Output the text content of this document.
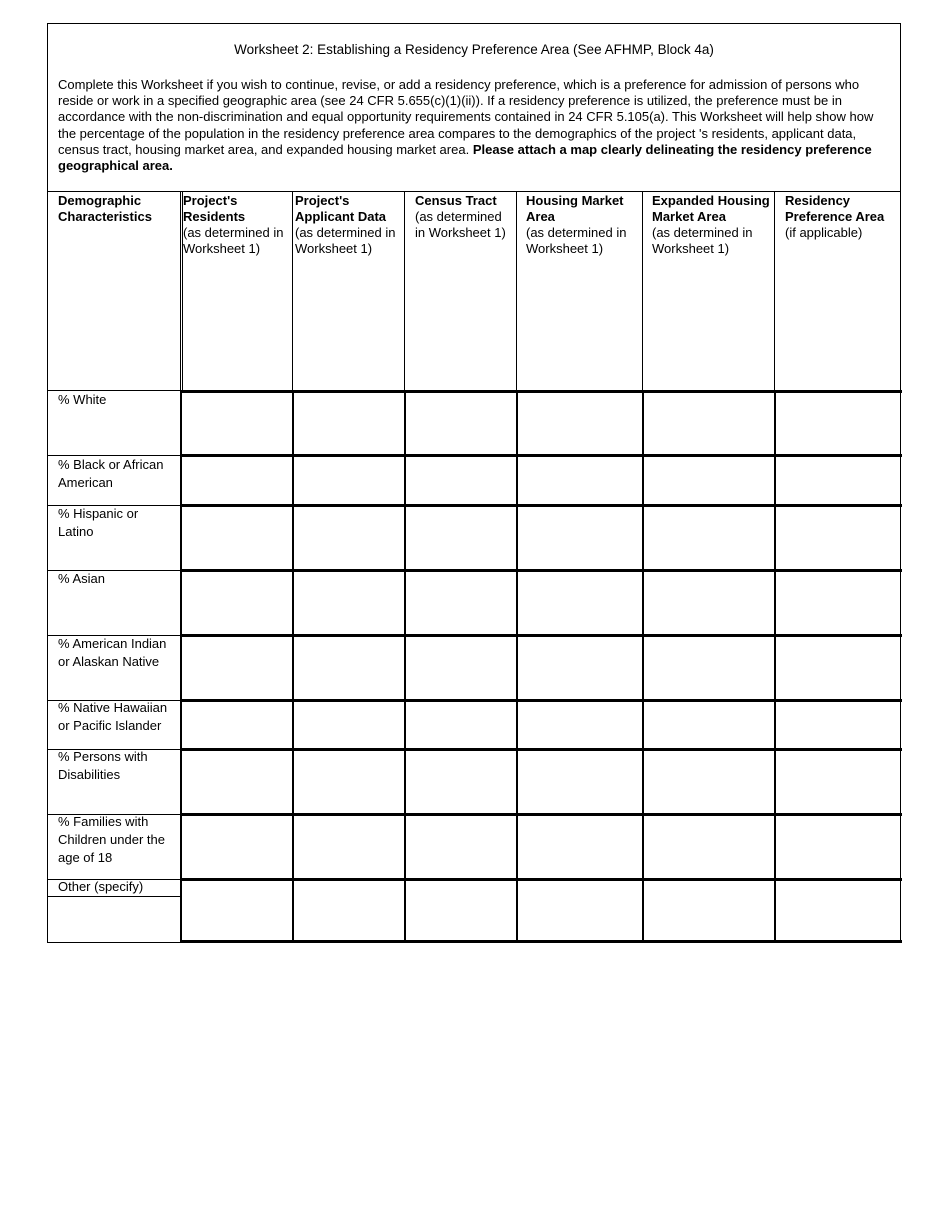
Worksheet 2: Establishing a Residency Preference Area (See AFHMP, Block 4a)
Complete this Worksheet if you wish to continue, revise, or add a residency preference, which is a preference for admission of persons who reside or work in a specified geographic area (see 24 CFR 5.655(c)(1)(ii)). If a residency preference is utilized, the preference must be in accordance with the non-discrimination and equal opportunity requirements contained in 24 CFR 5.105(a). This Worksheet will help show how the percentage of the population in the residency preference area compares to the demographics of the project 's residents, applicant data, census tract, housing market area, and expanded housing market area. Please attach a map clearly delineating the residency preference geographical area.
Demographic Characteristics
Project's Residents
(as determined in Worksheet 1)
Project's Applicant Data
(as determined in Worksheet 1)
Census Tract
(as determined in Worksheet 1)
Housing Market Area
(as determined in Worksheet 1)
Expanded Housing Market Area
(as determined in Worksheet 1)
Residency Preference Area
(if applicable)
% White
% Black or African American
% Hispanic or Latino
% Asian
% American Indian or Alaskan Native
% Native Hawaiian or Pacific Islander
% Persons with Disabilities
% Families with Children under the age of 18
Other (specify)
